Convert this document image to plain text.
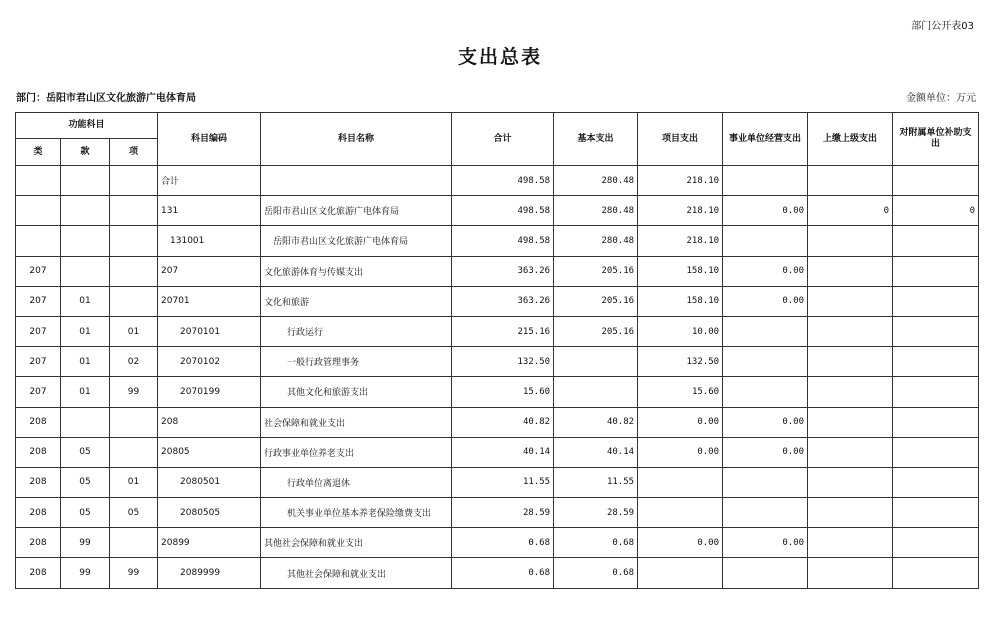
部门公开表03
支出总表
部门：岳阳市君山区文化旅游广电体育局	金额单位：万元
功能科目			科目编码	科目名称	合计	基本支出	项目支出	事业单位经营支出	上缴上级支出	对附属单位补助支出
类	款	项								
			合计		498.58	280.48	218.10			
			131	岳阳市君山区文化旅游广电体育局	498.58	280.48	218.10	0.00	0	0
			131001	岳阳市君山区文化旅游广电体育局	498.58	280.48	218.10			
207			207	文化旅游体育与传媒支出	363.26	205.16	158.10	0.00		
207	01		20701	文化和旅游	363.26	205.16	158.10	0.00		
207	01	01	2070101	行政运行	215.16	205.16	10.00			
207	01	02	2070102	一般行政管理事务	132.50		132.50			
207	01	99	2070199	其他文化和旅游支出	15.60		15.60			
208			208	社会保障和就业支出	40.82	40.82	0.00	0.00		
208	05		20805	行政事业单位养老支出	40.14	40.14	0.00	0.00		
208	05	01	2080501	行政单位离退休	11.55	11.55				
208	05	05	2080505	机关事业单位基本养老保险缴费支出	28.59	28.59				
208	99		20899	其他社会保障和就业支出	0.68	0.68	0.00	0.00		
208	99	99	2089999	其他社会保障和就业支出	0.68	0.68				
